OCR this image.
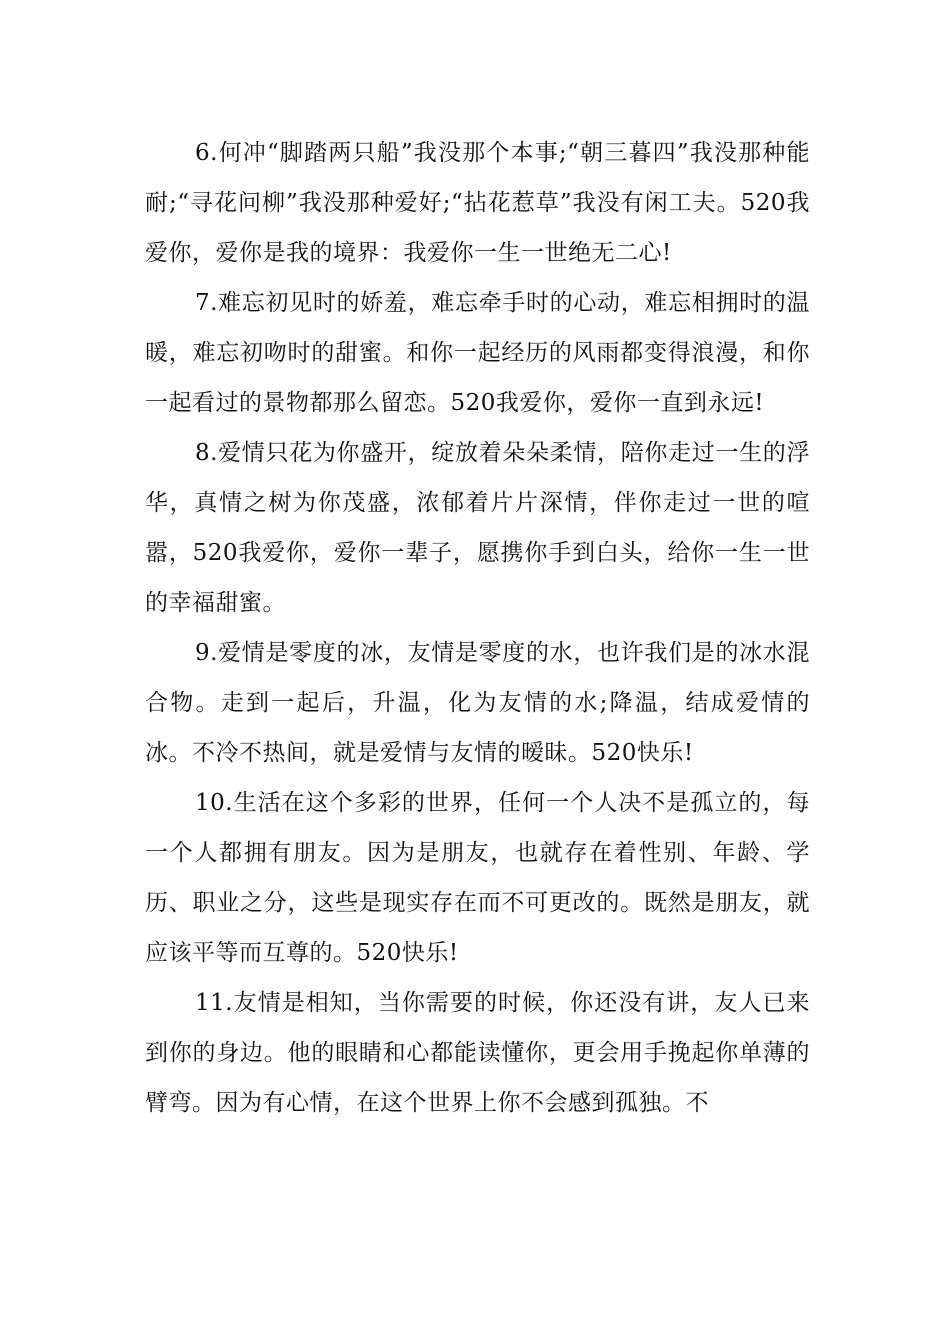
6.何冲“脚踏两只船”我没那个本事;“朝三暮四”我没那种能耐;“寻花问柳”我没那种爱好;“拈花惹草”我没有闲工夫。520我爱你，爱你是我的境界：我爱你一生一世绝无二心!

7.难忘初见时的娇羞，难忘牵手时的心动，难忘相拥时的温暖，难忘初吻时的甜蜜。和你一起经历的风雨都变得浪漫，和你一起看过的景物都那么留恋。520我爱你，爱你一直到永远!

8.爱情只花为你盛开，绽放着朵朵柔情，陪你走过一生的浮华，真情之树为你茂盛，浓郁着片片深情，伴你走过一世的喧嚣，520我爱你，爱你一辈子，愿携你手到白头，给你一生一世的幸福甜蜜。

9.爱情是零度的冰，友情是零度的水，也许我们是的冰水混合物。走到一起后，升温，化为友情的水;降温，结成爱情的冰。不冷不热间，就是爱情与友情的暧昧。520快乐!

10.生活在这个多彩的世界，任何一个人决不是孤立的，每一个人都拥有朋友。因为是朋友，也就存在着性别、年龄、学历、职业之分，这些是现实存在而不可更改的。既然是朋友，就应该平等而互尊的。520快乐!

11.友情是相知，当你需要的时候，你还没有讲，友人已来到你的身边。他的眼睛和心都能读懂你，更会用手挽起你单薄的臂弯。因为有心情，在这个世界上你不会感到孤独。不
